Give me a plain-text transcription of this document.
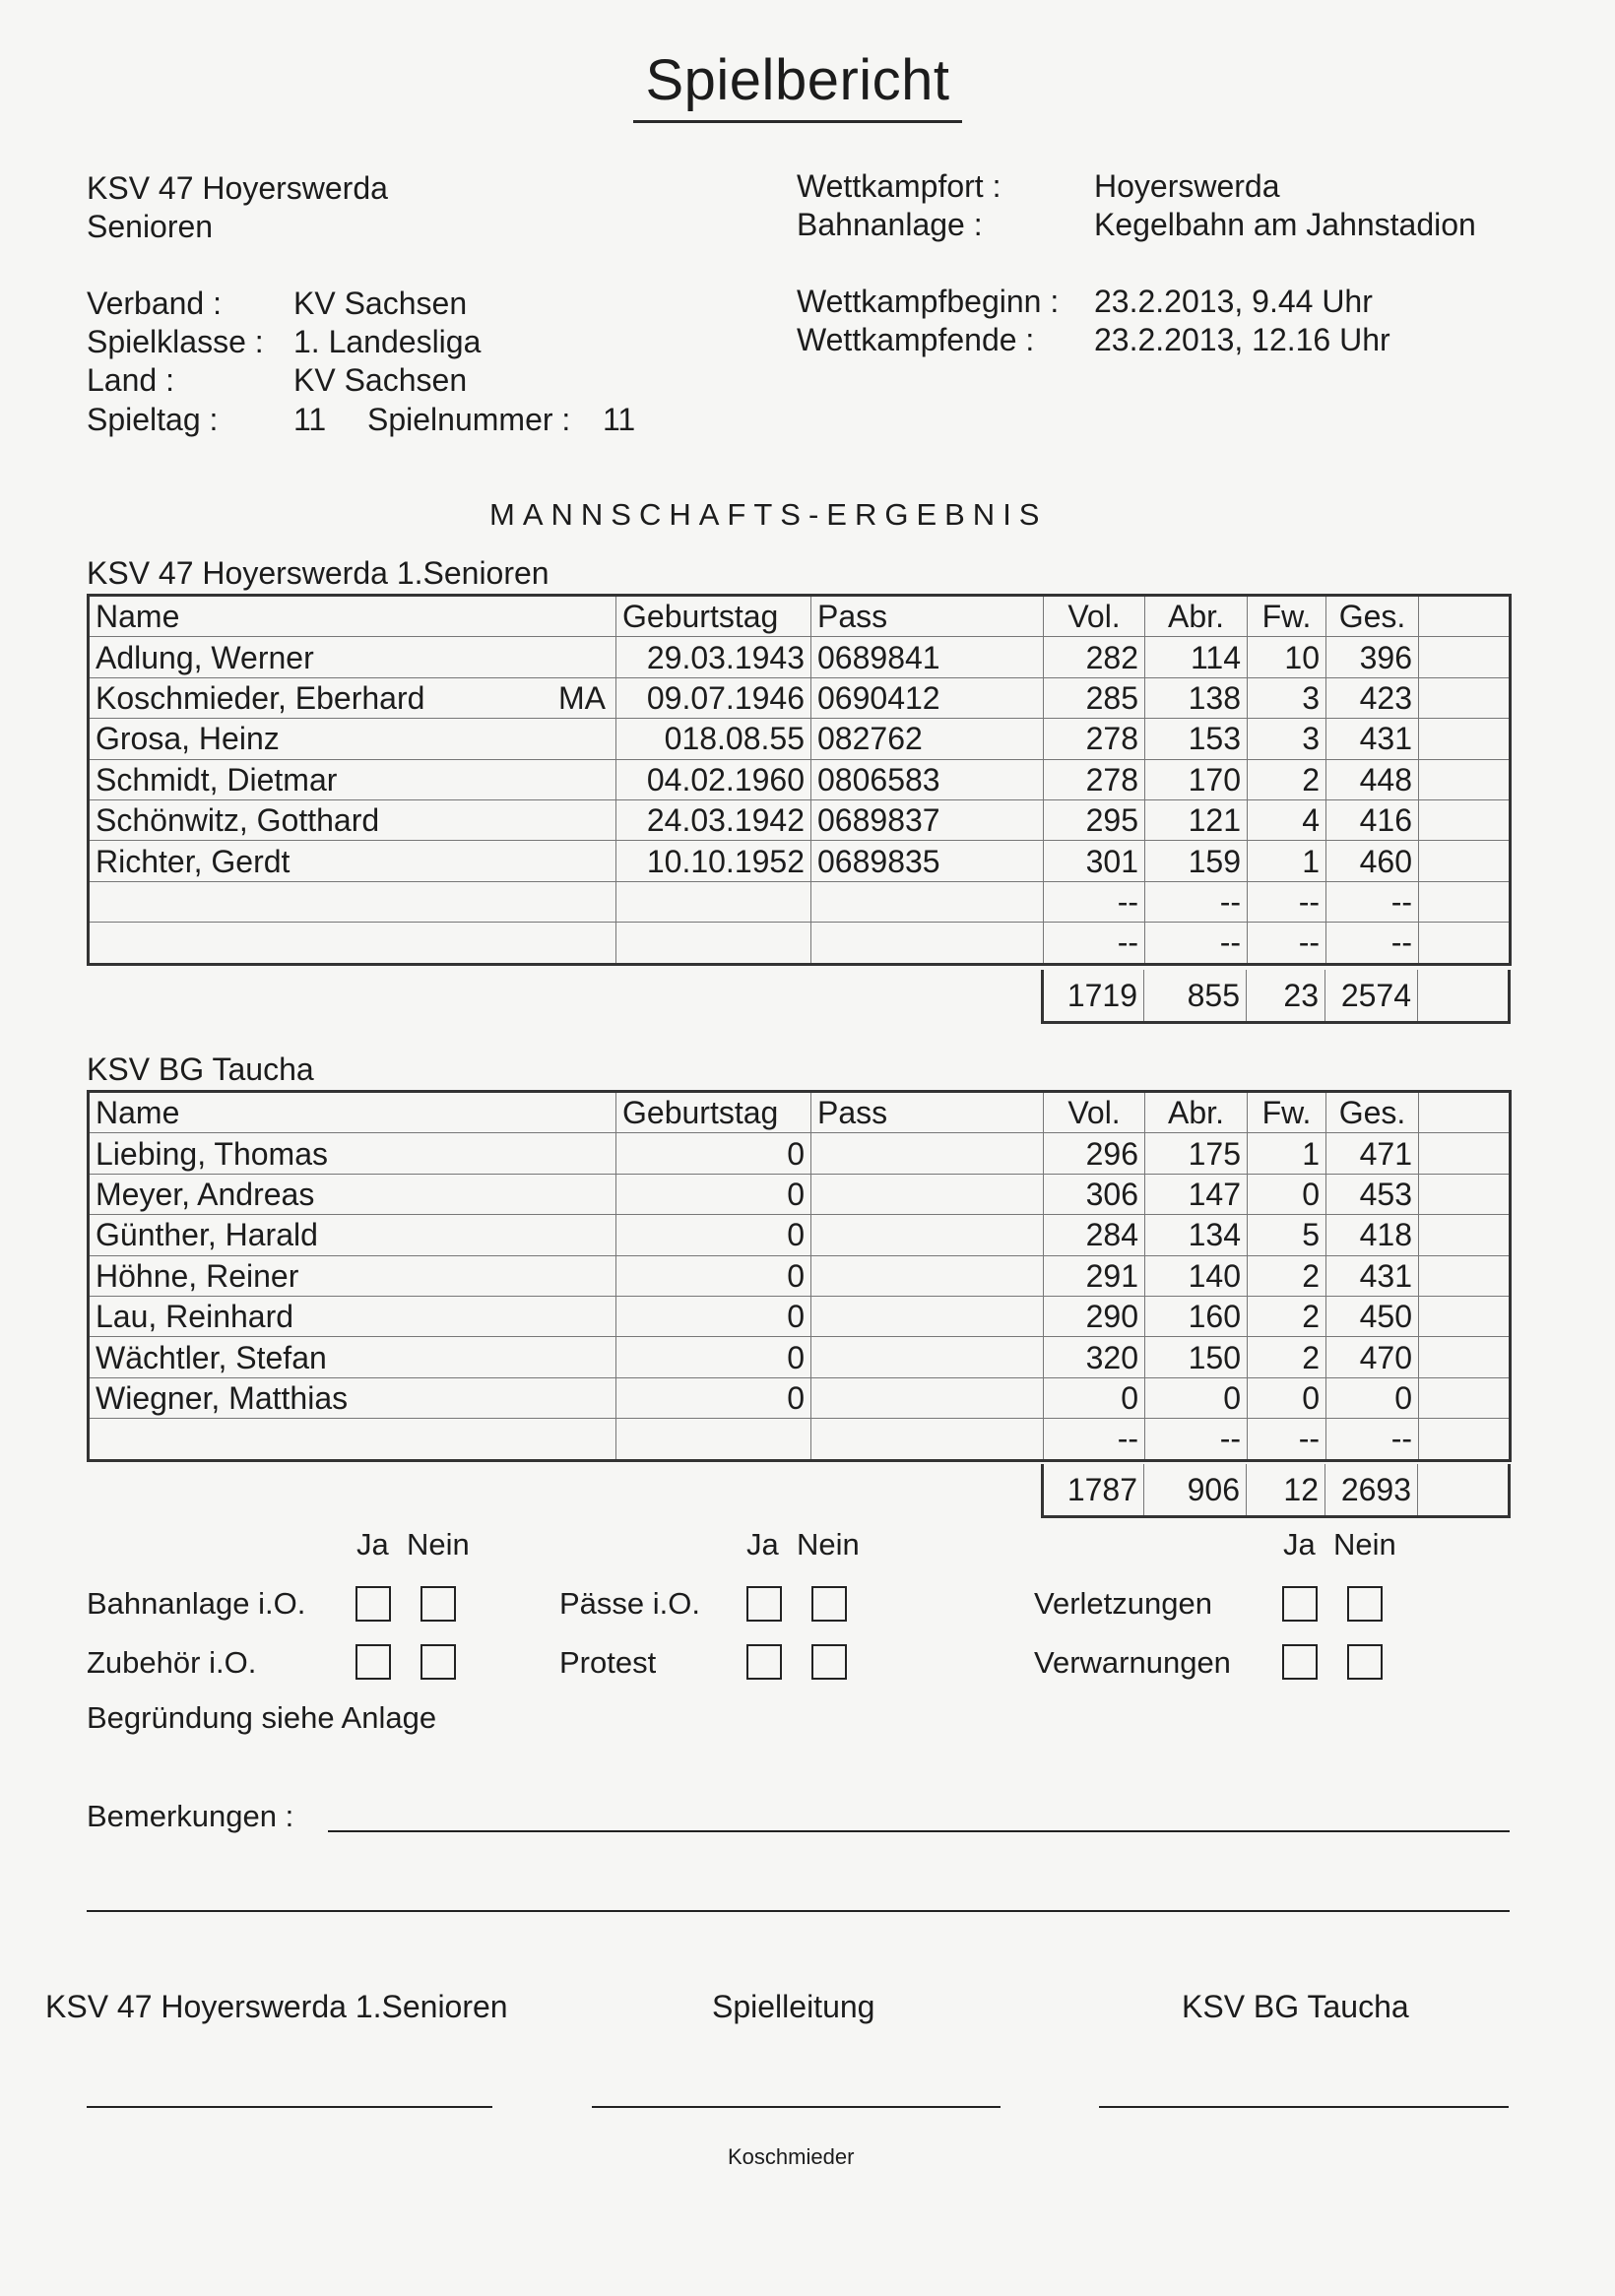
Spielbericht
KSV 47 Hoyerswerda
Senioren
Verband : KV Sachsen
Spielklasse : 1. Landesliga
Land :	KV Sachsen
Spieltag : 11 Spielnummer : 11
Wettkampfort :	Hoyerswerda
Bahnanlage :	Kegelbahn am Jahnstadion
Wettkampfbeginn : 23.2.2013, 9.44 Uhr
Wettkampfende : 23.2.2013, 12.16 Uhr
MANNSCHAFTS-ERGEBNIS
KSV 47 Hoyerswerda 1.Senioren
Name	Geburtstag	Pass	Vol.	Abr.	Fw.	Ges.	
Adlung, Werner	29.03.1943	0689841	282	114	10	396	
Koschmieder, Eberhard MA	09.07.1946	0690412	285	138	3	423	
Grosa, Heinz	018.08.55	082762	278	153	3	431	
Schmidt, Dietmar	04.02.1960	0806583	278	170	2	448	
Schönwitz, Gotthard	24.03.1942	0689837	295	121	4	416	
Richter, Gerdt	10.10.1952	0689835	301	159	1	460	

			--	--	--	--	

			--	--	--	--	
1719	855	23	2574	
KSV BG Taucha
Name	Geburtstag	Pass	Vol.	Abr.	Fw.	Ges.	
Liebing, Thomas	0		296	175	1	471	
Meyer, Andreas	0		306	147	0	453	
Günther, Harald	0		284	134	5	418	
Höhne, Reiner	0		291	140	2	431	
Lau, Reinhard	0		290	160	2	450	
Wächtler, Stefan	0		320	150	2	470	
Wiegner, Matthias	0		0	0	0	0	

			--	--	--	--	
1787	906	12	2693	
Ja Nein	Ja Nein	Ja Nein
Bahnanlage i.O.	Pässe i.O.	Verletzungen
Zubehör i.O.	Protest	Verwarnungen
Begründung siehe Anlage
Bemerkungen :
KSV 47 Hoyerswerda 1.Senioren	Spielleitung	KSV BG Taucha
Koschmieder
